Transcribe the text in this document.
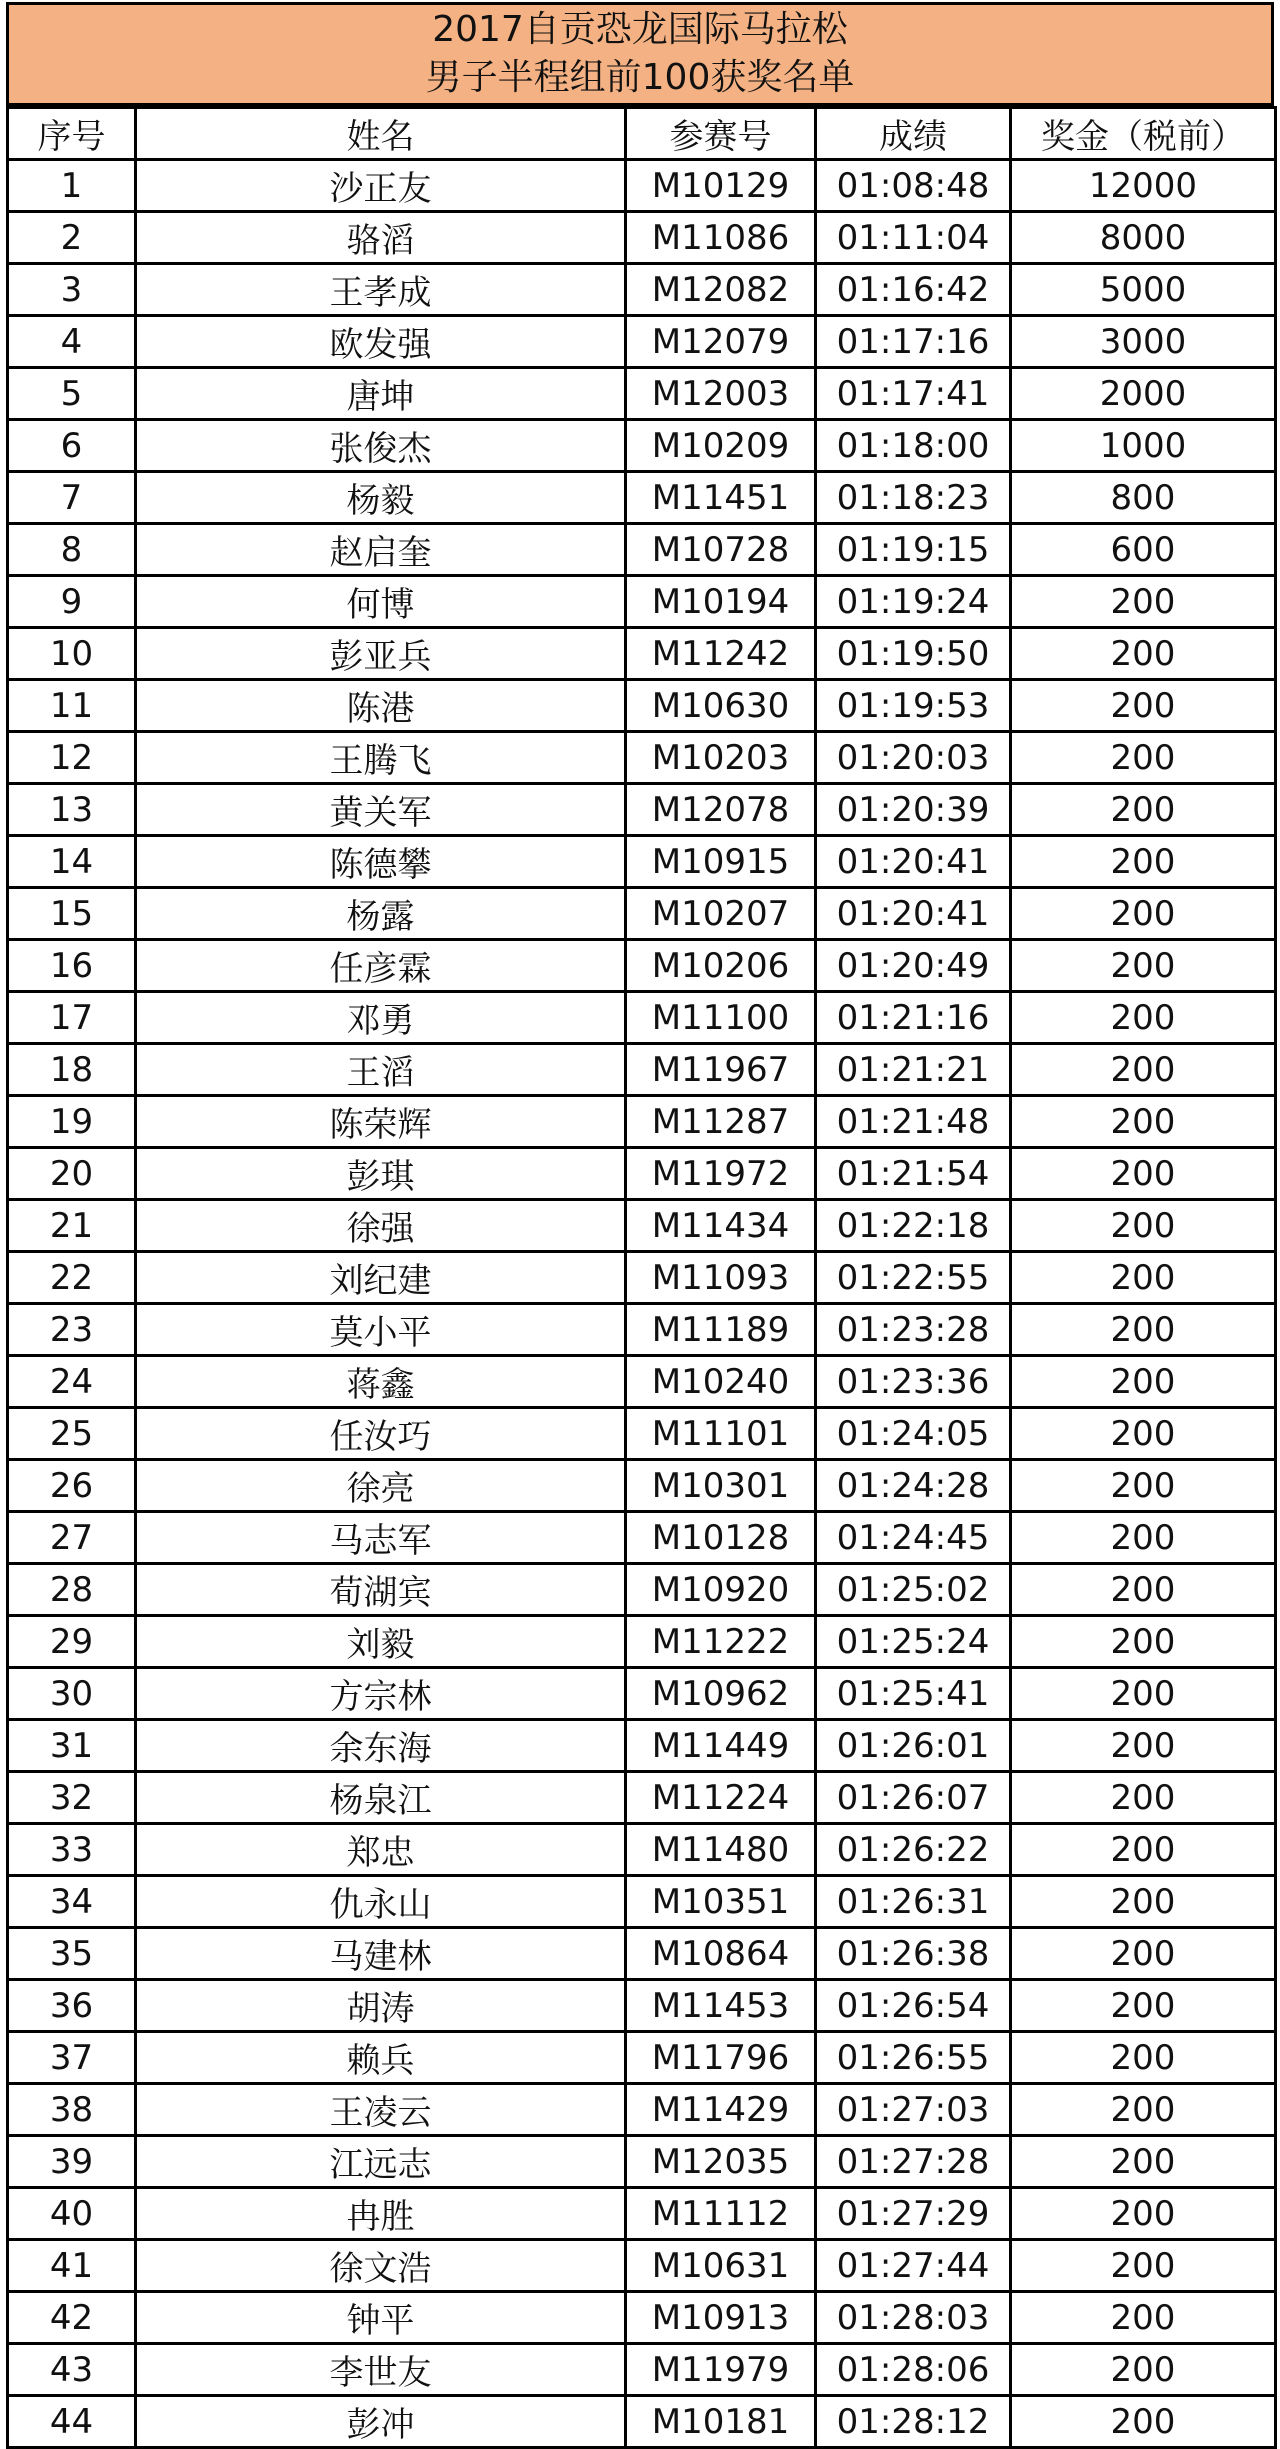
2017自贡恐龙国际马拉松
男子半程组前100获奖名单
序号	姓名	参赛号	成绩	奖金（税前）
1	沙正友	M10129	01:08:48	12000
2	骆滔	M11086	01:11:04	8000
3	王孝成	M12082	01:16:42	5000
4	欧发强	M12079	01:17:16	3000
5	唐坤	M12003	01:17:41	2000
6	张俊杰	M10209	01:18:00	1000
7	杨毅	M11451	01:18:23	800
8	赵启奎	M10728	01:19:15	600
9	何博	M10194	01:19:24	200
10	彭亚兵	M11242	01:19:50	200
11	陈港	M10630	01:19:53	200
12	王腾飞	M10203	01:20:03	200
13	黄关军	M12078	01:20:39	200
14	陈德攀	M10915	01:20:41	200
15	杨露	M10207	01:20:41	200
16	任彦霖	M10206	01:20:49	200
17	邓勇	M11100	01:21:16	200
18	王滔	M11967	01:21:21	200
19	陈荣辉	M11287	01:21:48	200
20	彭琪	M11972	01:21:54	200
21	徐强	M11434	01:22:18	200
22	刘纪建	M11093	01:22:55	200
23	莫小平	M11189	01:23:28	200
24	蒋鑫	M10240	01:23:36	200
25	任汝巧	M11101	01:24:05	200
26	徐亮	M10301	01:24:28	200
27	马志军	M10128	01:24:45	200
28	荀湖宾	M10920	01:25:02	200
29	刘毅	M11222	01:25:24	200
30	方宗林	M10962	01:25:41	200
31	余东海	M11449	01:26:01	200
32	杨泉江	M11224	01:26:07	200
33	郑忠	M11480	01:26:22	200
34	仇永山	M10351	01:26:31	200
35	马建林	M10864	01:26:38	200
36	胡涛	M11453	01:26:54	200
37	赖兵	M11796	01:26:55	200
38	王凌云	M11429	01:27:03	200
39	江远志	M12035	01:27:28	200
40	冉胜	M11112	01:27:29	200
41	徐文浩	M10631	01:27:44	200
42	钟平	M10913	01:28:03	200
43	李世友	M11979	01:28:06	200
44	彭冲	M10181	01:28:12	200
